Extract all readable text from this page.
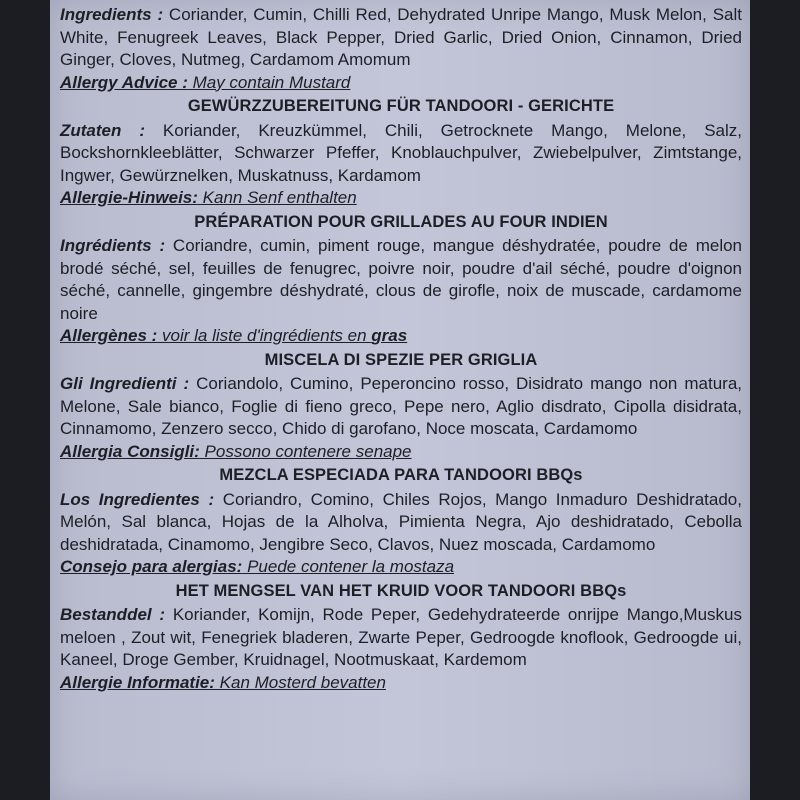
Ingredients : Coriander, Cumin, Chilli Red, Dehydrated Unripe Mango, Musk Melon, Salt White, Fenugreek Leaves, Black Pepper, Dried Garlic, Dried Onion, Cinnamon, Dried Ginger, Cloves, Nutmeg, Cardamom Amomum

Allergy Advice : May contain Mustard

GEWÜRZZUBEREITUNG FÜR TANDOORI - GERICHTE

Zutaten : Koriander, Kreuzkümmel, Chili, Getrocknete Mango, Melone, Salz, Bockshornkleeblätter, Schwarzer Pfeffer, Knoblauchpulver, Zwiebelpulver, Zimtstange, Ingwer, Gewürznelken, Muskatnuss, Kardamom

Allergie-Hinweis: Kann Senf enthalten

PRÉPARATION POUR GRILLADES AU FOUR INDIEN

Ingrédients : Coriandre, cumin, piment rouge, mangue déshydratée, poudre de melon brodé séché, sel, feuilles de fenugrec, poivre noir, poudre d'ail séché, poudre d'oignon séché, cannelle, gingembre déshydraté, clous de girofle, noix de muscade, cardamome noire

Allergènes : voir la liste d'ingrédients en gras

MISCELA DI SPEZIE PER GRIGLIA

Gli Ingredienti : Coriandolo, Cumino, Peperoncino rosso, Disidrato mango non matura, Melone, Sale bianco, Foglie di fieno greco, Pepe nero, Aglio disdrato, Cipolla disidrata, Cinnamomo, Zenzero secco, Chido di garofano, Noce moscata, Cardamomo

Allergia Consigli: Possono contenere senape

MEZCLA ESPECIADA PARA TANDOORI BBQs

Los Ingredientes : Coriandro, Comino, Chiles Rojos, Mango Inmaduro Deshidratado, Melón, Sal blanca, Hojas de la Alholva, Pimienta Negra, Ajo deshidratado, Cebolla deshidratada, Cinamomo, Jengibre Seco, Clavos, Nuez moscada, Cardamomo

Consejo para alergias: Puede contener la mostaza

HET MENGSEL VAN HET KRUID VOOR TANDOORI BBQs

Bestanddel : Koriander, Komijn, Rode Peper, Gedehydrateerde onrijpe Mango,Muskus meloen , Zout wit, Fenegriek bladeren, Zwarte Peper, Gedroogde knoflook, Gedroogde ui, Kaneel, Droge Gember, Kruidnagel, Nootmuskaat, Kardemom

Allergie Informatie: Kan Mosterd bevatten
